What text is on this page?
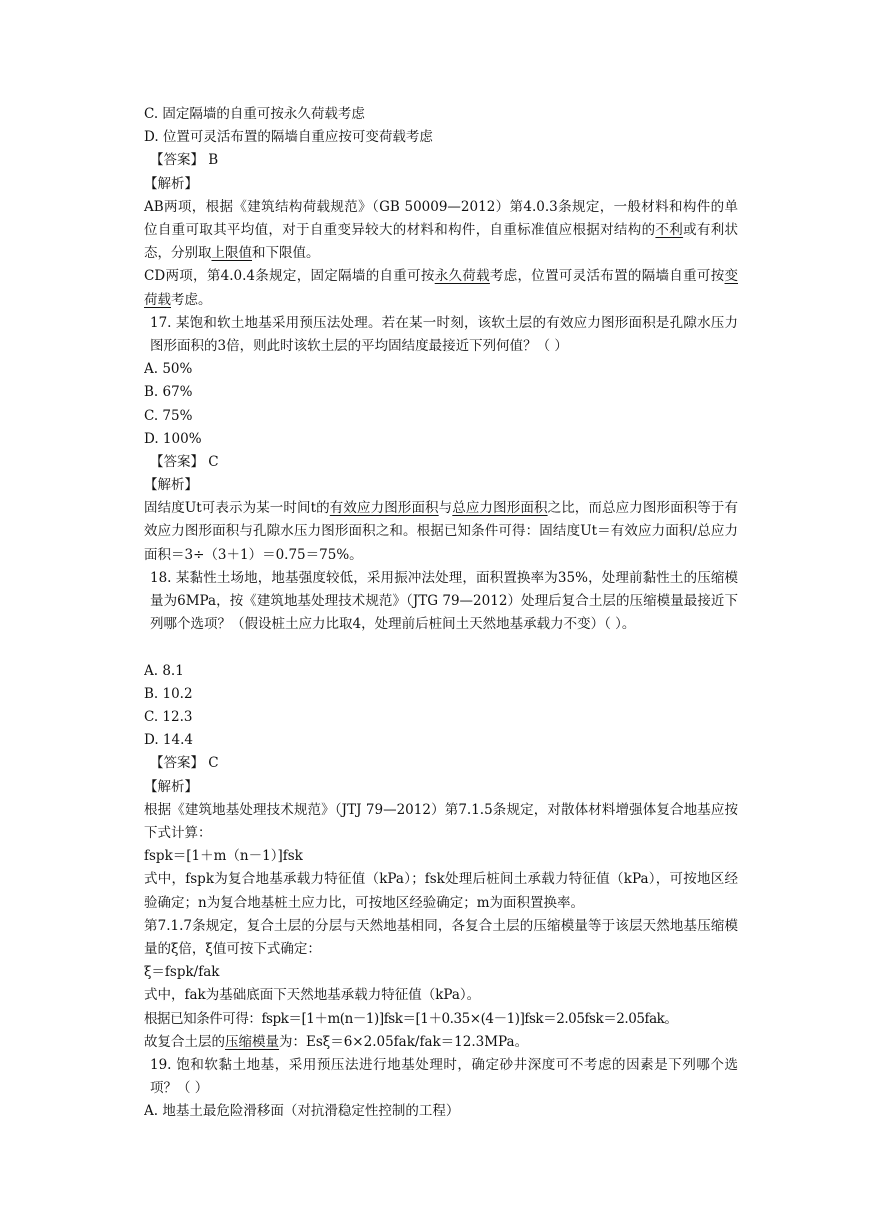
C. 固定隔墙的自重可按永久荷载考虑
D. 位置可灵活布置的隔墙自重应按可变荷载考虑
【答案】 B
【解析】
AB两项，根据《建筑结构荷载规范》（GB 50009—2012）第4.0.3条规定，一般材料和构件的单位自重可取其平均值，对于自重变异较大的材料和构件，自重标准值应根据对结构的不利或有利状态，分别取上限值和下限值。
CD两项，第4.0.4条规定，固定隔墙的自重可按永久荷载考虑，位置可灵活布置的隔墙自重可按变荷载考虑。
17. 某饱和软土地基采用预压法处理。若在某一时刻，该软土层的有效应力图形面积是孔隙水压力图形面积的3倍，则此时该软土层的平均固结度最接近下列何值？（ ）
A. 50%
B. 67%
C. 75%
D. 100%
【答案】 C
【解析】
固结度Ut可表示为某一时间t的有效应力图形面积与总应力图形面积之比，而总应力图形面积等于有效应力图形面积与孔隙水压力图形面积之和。根据已知条件可得：固结度Ut＝有效应力面积/总应力面积＝3÷（3＋1）＝0.75＝75%。
18. 某黏性土场地，地基强度较低，采用振冲法处理，面积置换率为35%，处理前黏性土的压缩模量为6MPa，按《建筑地基处理技术规范》（JTG 79—2012）处理后复合土层的压缩模量最接近下列哪个选项？（假设桩土应力比取4，处理前后桩间土天然地基承载力不变）（ ）。
A. 8.1
B. 10.2
C. 12.3
D. 14.4
【答案】 C
【解析】
根据《建筑地基处理技术规范》（JTJ 79—2012）第7.1.5条规定，对散体材料增强体复合地基应按下式计算：
fspk＝[1＋m（n－1）]fsk
式中，fspk为复合地基承载力特征值（kPa）；fsk处理后桩间土承载力特征值（kPa），可按地区经验确定；n为复合地基桩土应力比，可按地区经验确定；m为面积置换率。
第7.1.7条规定，复合土层的分层与天然地基相同，各复合土层的压缩模量等于该层天然地基压缩模量的ξ倍，ξ值可按下式确定：
ξ＝fspk/fak
式中，fak为基础底面下天然地基承载力特征值（kPa）。
根据已知条件可得：fspk＝[1＋m(n－1)]fsk＝[1＋0.35×(4－1)]fsk＝2.05fsk＝2.05fak。
故复合土层的压缩模量为：Esξ＝6×2.05fak/fak＝12.3MPa。
19. 饱和软黏土地基，采用预压法进行地基处理时，确定砂井深度可不考虑的因素是下列哪个选项？（ ）
A. 地基土最危险滑移面（对抗滑稳定性控制的工程）
